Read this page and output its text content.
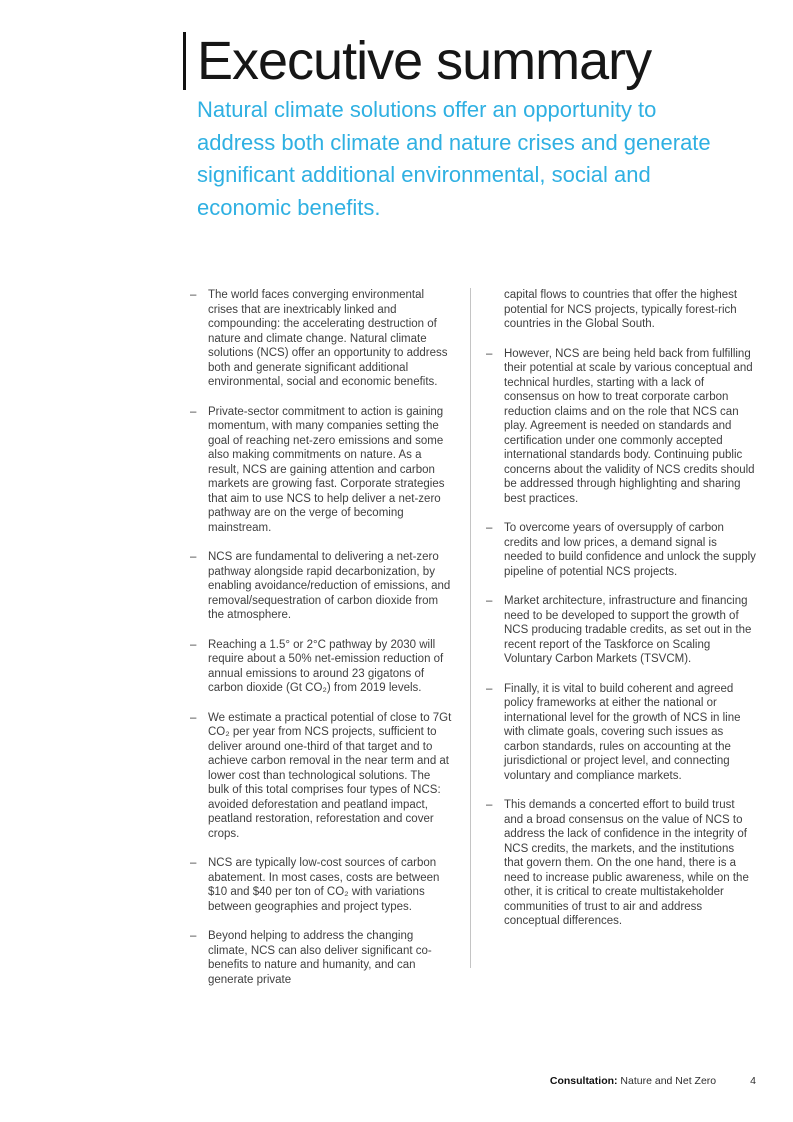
Executive summary
Natural climate solutions offer an opportunity to address both climate and nature crises and generate significant additional environmental, social and economic benefits.
–	The world faces converging environmental crises that are inextricably linked and compounding: the accelerating destruction of nature and climate change. Natural climate solutions (NCS) offer an opportunity to address both and generate significant additional environmental, social and economic benefits.

–	Private-sector commitment to action is gaining momentum, with many companies setting the goal of reaching net-zero emissions and some also making commitments on nature. As a result, NCS are gaining attention and carbon markets are growing fast. Corporate strategies that aim to use NCS to help deliver a net-zero pathway are on the verge of becoming mainstream.

–	NCS are fundamental to delivering a net-zero pathway alongside rapid decarbonization, by enabling avoidance/reduction of emissions, and removal/sequestration of carbon dioxide from the atmosphere.

–	Reaching a 1.5° or 2°C pathway by 2030 will require about a 50% net-emission reduction of annual emissions to around 23 gigatons of carbon dioxide (Gt CO₂) from 2019 levels.

–	We estimate a practical potential of close to 7Gt CO₂ per year from NCS projects, sufficient to deliver around one-third of that target and to achieve carbon removal in the near term and at lower cost than technological solutions. The bulk of this total comprises four types of NCS: avoided deforestation and peatland impact, peatland restoration, reforestation and cover crops.

–	NCS are typically low-cost sources of carbon abatement. In most cases, costs are between $10 and $40 per ton of CO₂ with variations between geographies and project types.

–	Beyond helping to address the changing climate, NCS can also deliver significant co-benefits to nature and humanity, and can generate private

capital flows to countries that offer the highest potential for NCS projects, typically forest-rich countries in the Global South.

–	However, NCS are being held back from fulfilling their potential at scale by various conceptual and technical hurdles, starting with a lack of consensus on how to treat corporate carbon reduction claims and on the role that NCS can play. Agreement is needed on standards and certification under one commonly accepted international standards body. Continuing public concerns about the validity of NCS credits should be addressed through highlighting and sharing best practices.

–	To overcome years of oversupply of carbon credits and low prices, a demand signal is needed to build confidence and unlock the supply pipeline of potential NCS projects.

–	Market architecture, infrastructure and financing need to be developed to support the growth of NCS producing tradable credits, as set out in the recent report of the Taskforce on Scaling Voluntary Carbon Markets (TSVCM).

–	Finally, it is vital to build coherent and agreed policy frameworks at either the national or international level for the growth of NCS in line with climate goals, covering such issues as carbon standards, rules on accounting at the jurisdictional or project level, and connecting voluntary and compliance markets.

–	This demands a concerted effort to build trust and a broad consensus on the value of NCS to address the lack of confidence in the integrity of NCS credits, the markets, and the institutions that govern them. On the one hand, there is a need to increase public awareness, while on the other, it is critical to create multistakeholder communities of trust to air and address conceptual differences.

Consultation: Nature and Net Zero	4
